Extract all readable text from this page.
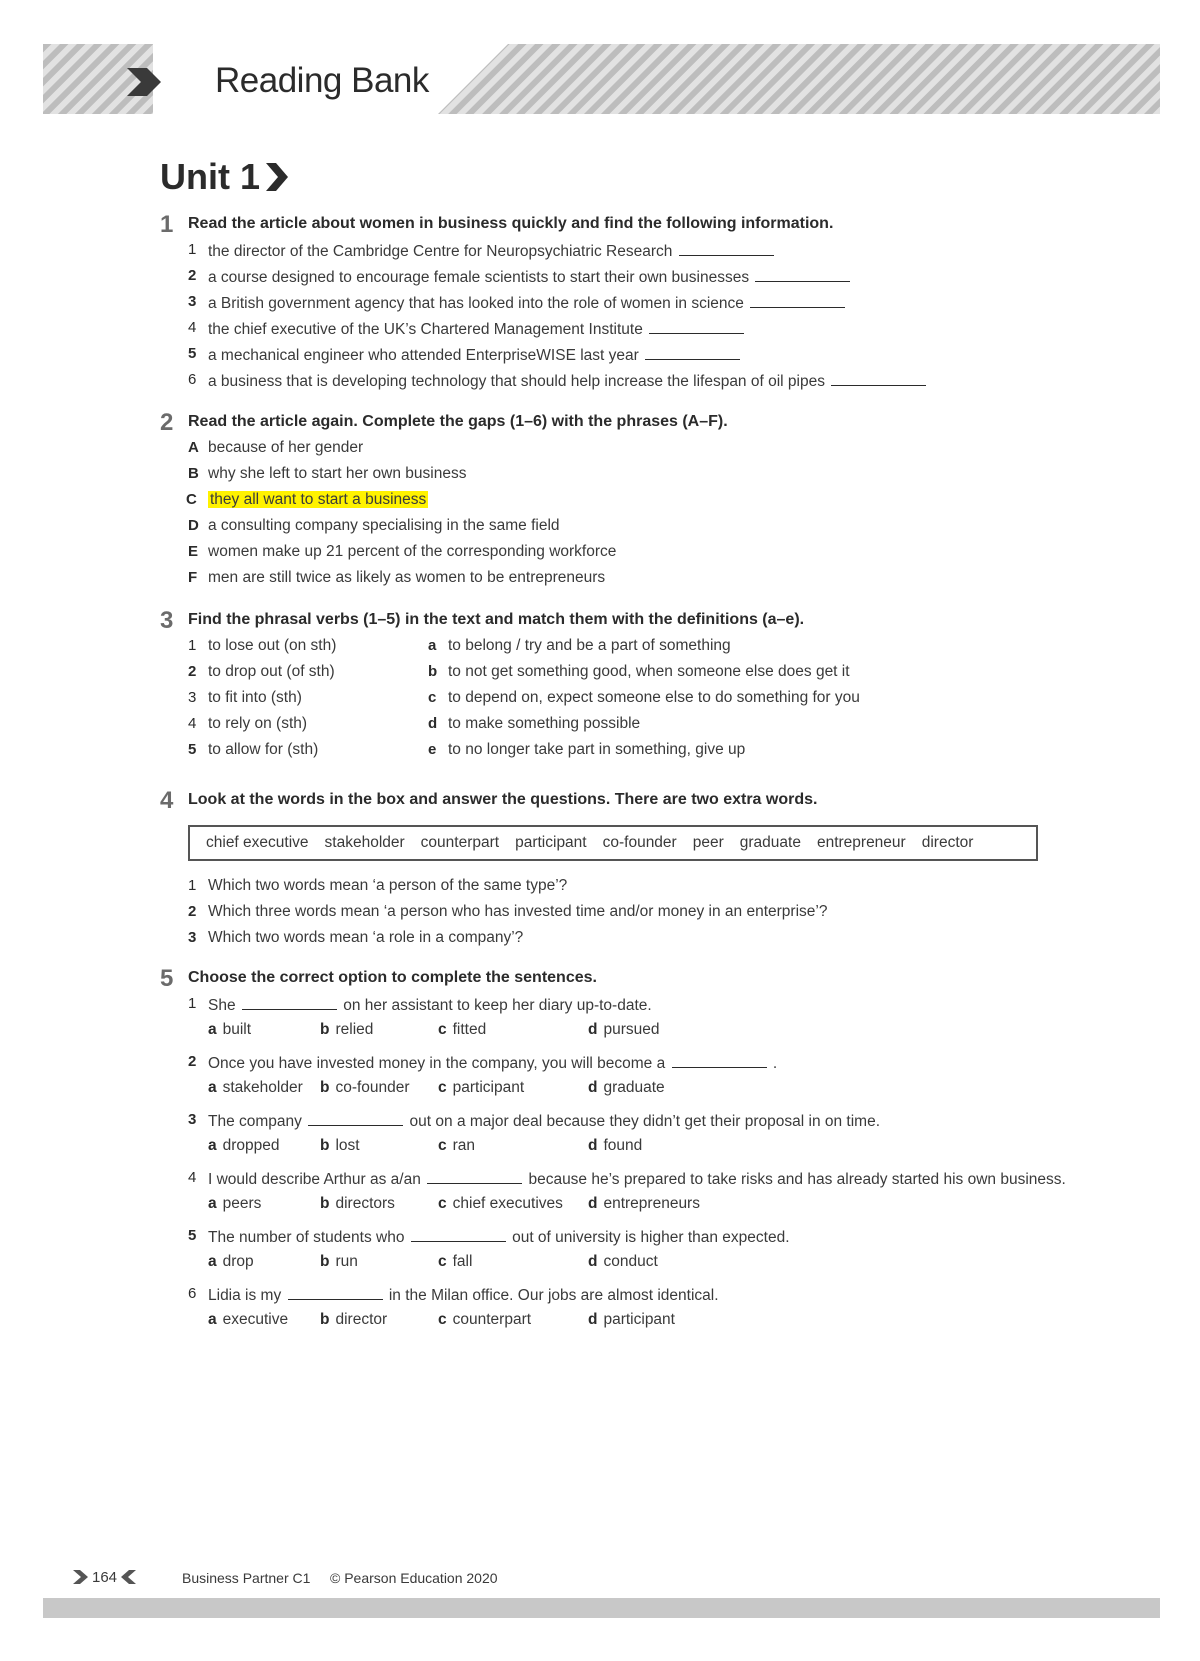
Reading Bank
Unit 1
1 Read the article about women in business quickly and find the following information.
1 the director of the Cambridge Centre for Neuropsychiatric Research
2 a course designed to encourage female scientists to start their own businesses
3 a British government agency that has looked into the role of women in science
4 the chief executive of the UK’s Chartered Management Institute
5 a mechanical engineer who attended EnterpriseWISE last year
6 a business that is developing technology that should help increase the lifespan of oil pipes
2 Read the article again. Complete the gaps (1–6) with the phrases (A–F).
A because of her gender
B why she left to start her own business
C they all want to start a business
D a consulting company specialising in the same field
E women make up 21 percent of the corresponding workforce
F men are still twice as likely as women to be entrepreneurs
3 Find the phrasal verbs (1–5) in the text and match them with the definitions (a–e).
1 to lose out (on sth)	a to belong / try and be a part of something
2 to drop out (of sth)	b to not get something good, when someone else does get it
3 to fit into (sth)	c to depend on, expect someone else to do something for you
4 to rely on (sth)	d to make something possible
5 to allow for (sth)	e to no longer take part in something, give up
4 Look at the words in the box and answer the questions. There are two extra words.
chief executive stakeholder counterpart participant co-founder peer graduate entrepreneur director
1 Which two words mean ‘a person of the same type’?
2 Which three words mean ‘a person who has invested time and/or money in an enterprise’?
3 Which two words mean ‘a role in a company’?
5 Choose the correct option to complete the sentences.
1 She	on her assistant to keep her diary up-to-date.
a built	b relied	c fitted	d pursued
2 Once you have invested money in the company, you will become a	.
a stakeholder b co-founder c participant	d graduate
3 The company	out on a major deal because they didn’t get their proposal in on time.
a dropped	b lost	c ran	d found
4 I would describe Arthur as a/an	because he’s prepared to take risks and has already started his own business.
a peers	b directors	c chief executives d entrepreneurs
5 The number of students who	out of university is higher than expected.
a drop	b run	c fall	d conduct
6 Lidia is my	in the Milan office. Our jobs are almost identical.
a executive b director	c counterpart	d participant
164	Business Partner C1 © Pearson Education 2020
